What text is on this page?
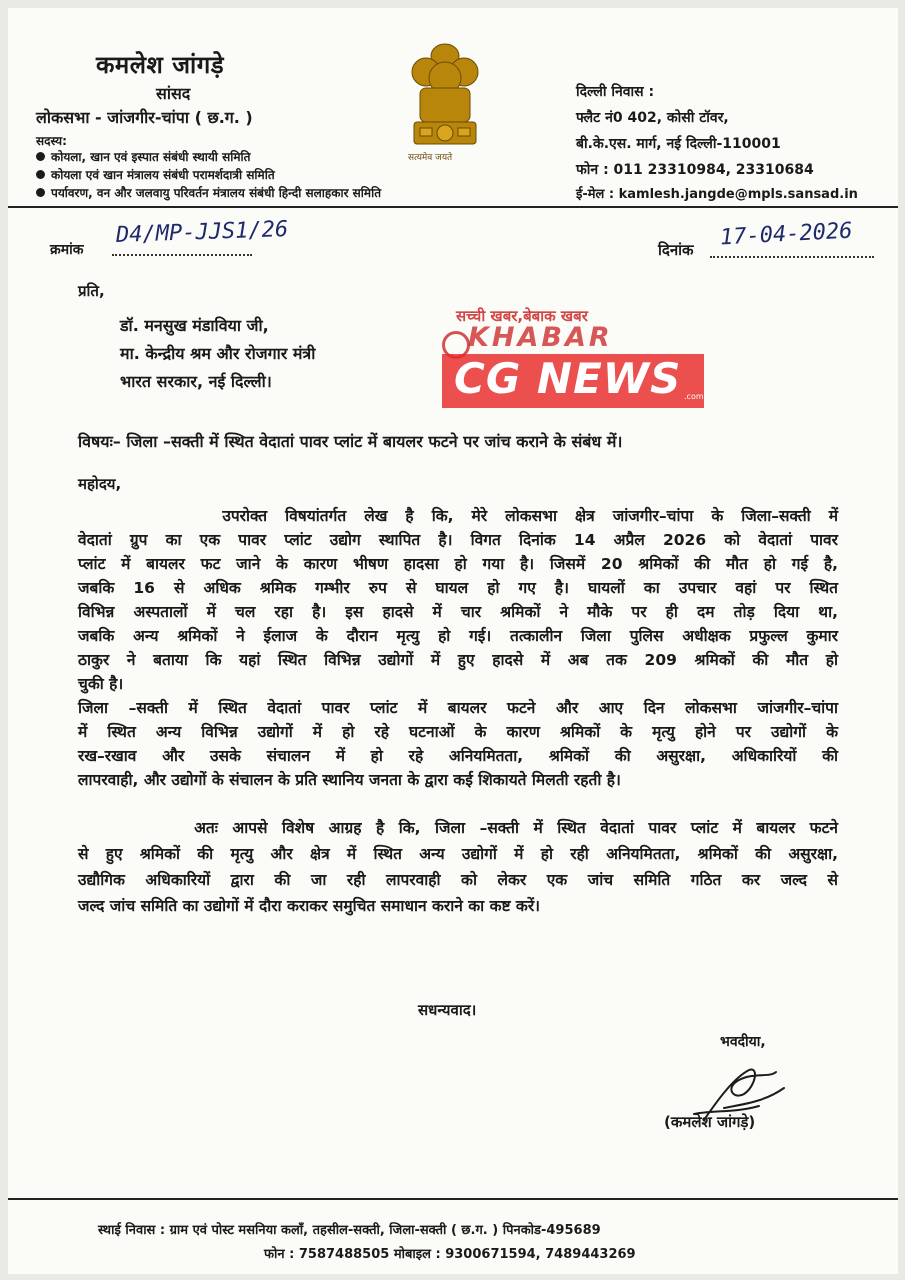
कमलेश जांगड़े
सांसद
लोकसभा - जांजगीर-चांपा ( छ.ग. )
सदस्य:
कोयला, खान एवं इस्पात संबंधी स्थायी समिति
कोयला एवं खान मंत्रालय संबंधी परामर्शदात्री समिति
पर्यावरण, वन और जलवायु परिवर्तन मंत्रालय संबंधी हिन्दी सलाहकार समिति
सत्यमेव जयते
दिल्ली निवास :
फ्लैट नं0 402, कोसी टॉवर,
बी.के.एस. मार्ग, नई दिल्ली-110001
फोन : 011 23310984, 23310684
ई-मेल : kamlesh.jangde@mpls.sansad.in
क्रमांक
D4/MP-JJS1/26
दिनांक 17-04-2026
प्रति,
डॉ. मनसुख मंडाविया जी,
मा. केन्द्रीय श्रम और रोजगार मंत्री
भारत सरकार, नई दिल्ली।
सच्ची खबर,बेबाक खबर
KHABAR
CG NEWS .com
विषयः– जिला –सक्ती में स्थित वेदातां पावर प्लांट में बायलर फटने पर जांच कराने के संबंध में।
महोदय,
उपरोक्त विषयांतर्गत लेख है कि, मेरे लोकसभा क्षेत्र जांजगीर–चांपा के जिला–सक्ती में
वेदातां ग्रुप का एक पावर प्लांट उद्योग स्थापित है। विगत दिनांक 14 अप्रैल 2026 को वेदातां पावर
प्लांट में बायलर फट जाने के कारण भीषण हादसा हो गया है। जिसमें 20 श्रमिकों की मौत हो गई है,
जबकि 16 से अधिक श्रमिक गम्भीर रुप से घायल हो गए है। घायलों का उपचार वहां पर स्थित
विभिन्न अस्पतालों में चल रहा है। इस हादसे में चार श्रमिकों ने मौके पर ही दम तोड़ दिया था,
जबकि अन्य श्रमिकों ने ईलाज के दौरान मृत्यु हो गई। तत्कालीन जिला पुलिस अधीक्षक प्रफुल्ल कुमार
ठाकुर ने बताया कि यहां स्थित विभिन्न उद्योगों में हुए हादसे में अब तक 209 श्रमिकों की मौत हो
चुकी है।
जिला –सक्ती में स्थित वेदातां पावर प्लांट में बायलर फटने और आए दिन लोकसभा जांजगीर–चांपा
में स्थित अन्य विभिन्न उद्योगों में हो रहे घटनाओं के कारण श्रमिकों के मृत्यु होने पर उद्योगों के
रख–रखाव और उसके संचालन में हो रहे अनियमितता, श्रमिकों की असुरक्षा, अधिकारियों की
लापरवाही, और उद्योगों के संचालन के प्रति स्थानिय जनता के द्वारा कई शिकायते मिलती रहती है।
अतः आपसे विशेष आग्रह है कि, जिला –सक्ती में स्थित वेदातां पावर प्लांट में बायलर फटने
से हुए श्रमिकों की मृत्यु और क्षेत्र में स्थित अन्य उद्योगों में हो रही अनियमितता, श्रमिकों की असुरक्षा,
उद्यौगिक अधिकारियों द्वारा की जा रही लापरवाही को लेकर एक जांच समिति गठित कर जल्द से
जल्द जांच समिति का उद्योगों में दौरा कराकर समुचित समाधान कराने का कष्ट करें।
सधन्यवाद।
भवदीया,
(कमलेश जांगड़े)
स्थाई निवास : ग्राम एवं पोस्ट मसनिया कलाँ, तहसील-सक्ती, जिला-सक्ती ( छ.ग. ) पिनकोड-495689
फोन : 7587488505 मोबाइल : 9300671594, 7489443269
